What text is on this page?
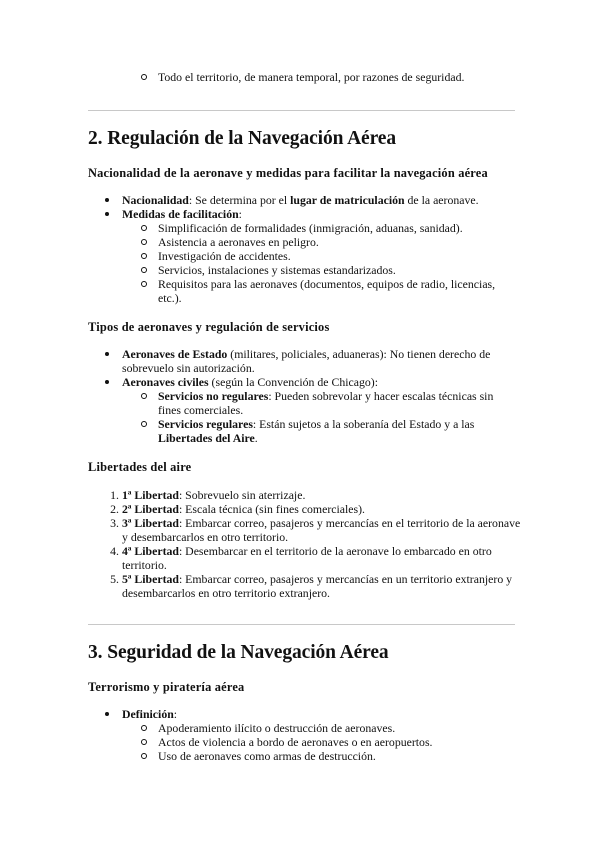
Todo el territorio, de manera temporal, por razones de seguridad.
2. Regulación de la Navegación Aérea
Nacionalidad de la aeronave y medidas para facilitar la navegación aérea
Nacionalidad: Se determina por el lugar de matriculación de la aeronave.
Medidas de facilitación:
Simplificación de formalidades (inmigración, aduanas, sanidad).
Asistencia a aeronaves en peligro.
Investigación de accidentes.
Servicios, instalaciones y sistemas estandarizados.
Requisitos para las aeronaves (documentos, equipos de radio, licencias, etc.).
Tipos de aeronaves y regulación de servicios
Aeronaves de Estado (militares, policiales, aduaneras): No tienen derecho de sobrevuelo sin autorización.
Aeronaves civiles (según la Convención de Chicago):
Servicios no regulares: Pueden sobrevolar y hacer escalas técnicas sin fines comerciales.
Servicios regulares: Están sujetos a la soberanía del Estado y a las Libertades del Aire.
Libertades del aire
1. 1ª Libertad: Sobrevuelo sin aterrizaje.
2. 2ª Libertad: Escala técnica (sin fines comerciales).
3. 3ª Libertad: Embarcar correo, pasajeros y mercancías en el territorio de la aeronave y desembarcarlos en otro territorio.
4. 4ª Libertad: Desembarcar en el territorio de la aeronave lo embarcado en otro territorio.
5. 5ª Libertad: Embarcar correo, pasajeros y mercancías en un territorio extranjero y desembarcarlos en otro territorio extranjero.
3. Seguridad de la Navegación Aérea
Terrorismo y piratería aérea
Definición:
Apoderamiento ilícito o destrucción de aeronaves.
Actos de violencia a bordo de aeronaves o en aeropuertos.
Uso de aeronaves como armas de destrucción.
